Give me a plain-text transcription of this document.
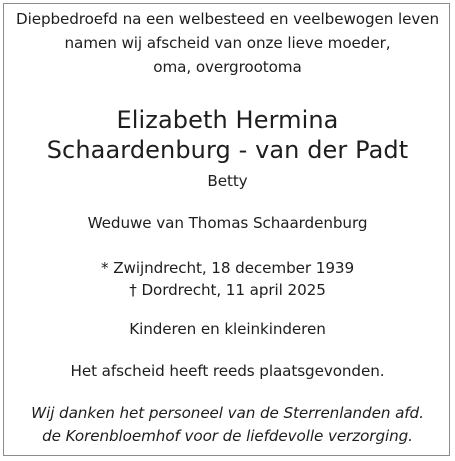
Diepbedroefd na een welbesteed en veelbewogen leven
namen wij afscheid van onze lieve moeder,
oma, overgrootoma
Elizabeth Hermina
Schaardenburg - van der Padt
Betty
Weduwe van Thomas Schaardenburg
* Zwijndrecht, 18 december 1939
† Dordrecht, 11 april 2025
Kinderen en kleinkinderen
Het afscheid heeft reeds plaatsgevonden.
Wij danken het personeel van de Sterrenlanden afd.
de Korenbloemhof voor de liefdevolle verzorging.
